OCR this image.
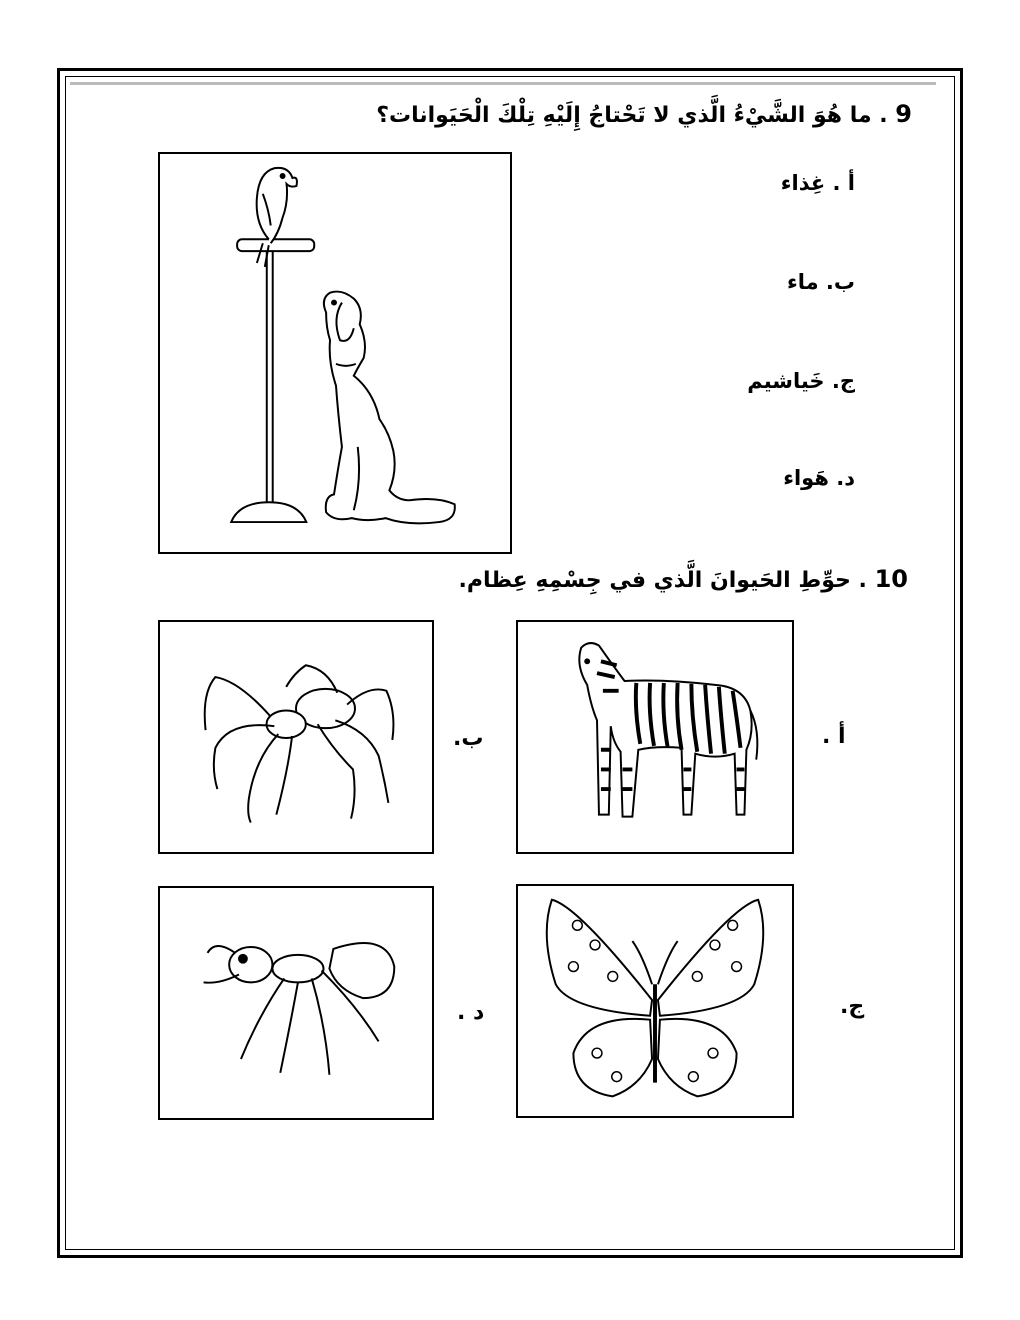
9 . ما هُوَ الشَّيْءُ الَّذي لا تَحْتاجُ إِلَيْهِ تِلْكَ الْحَيَوانات؟
أ . غِذاء
ب. ماء
ج. خَياشيم
د. هَواء
10 . حوِّطِ الحَيوانَ الَّذي في جِسْمِهِ عِظام.
أ .
ب.
ج.
د .
